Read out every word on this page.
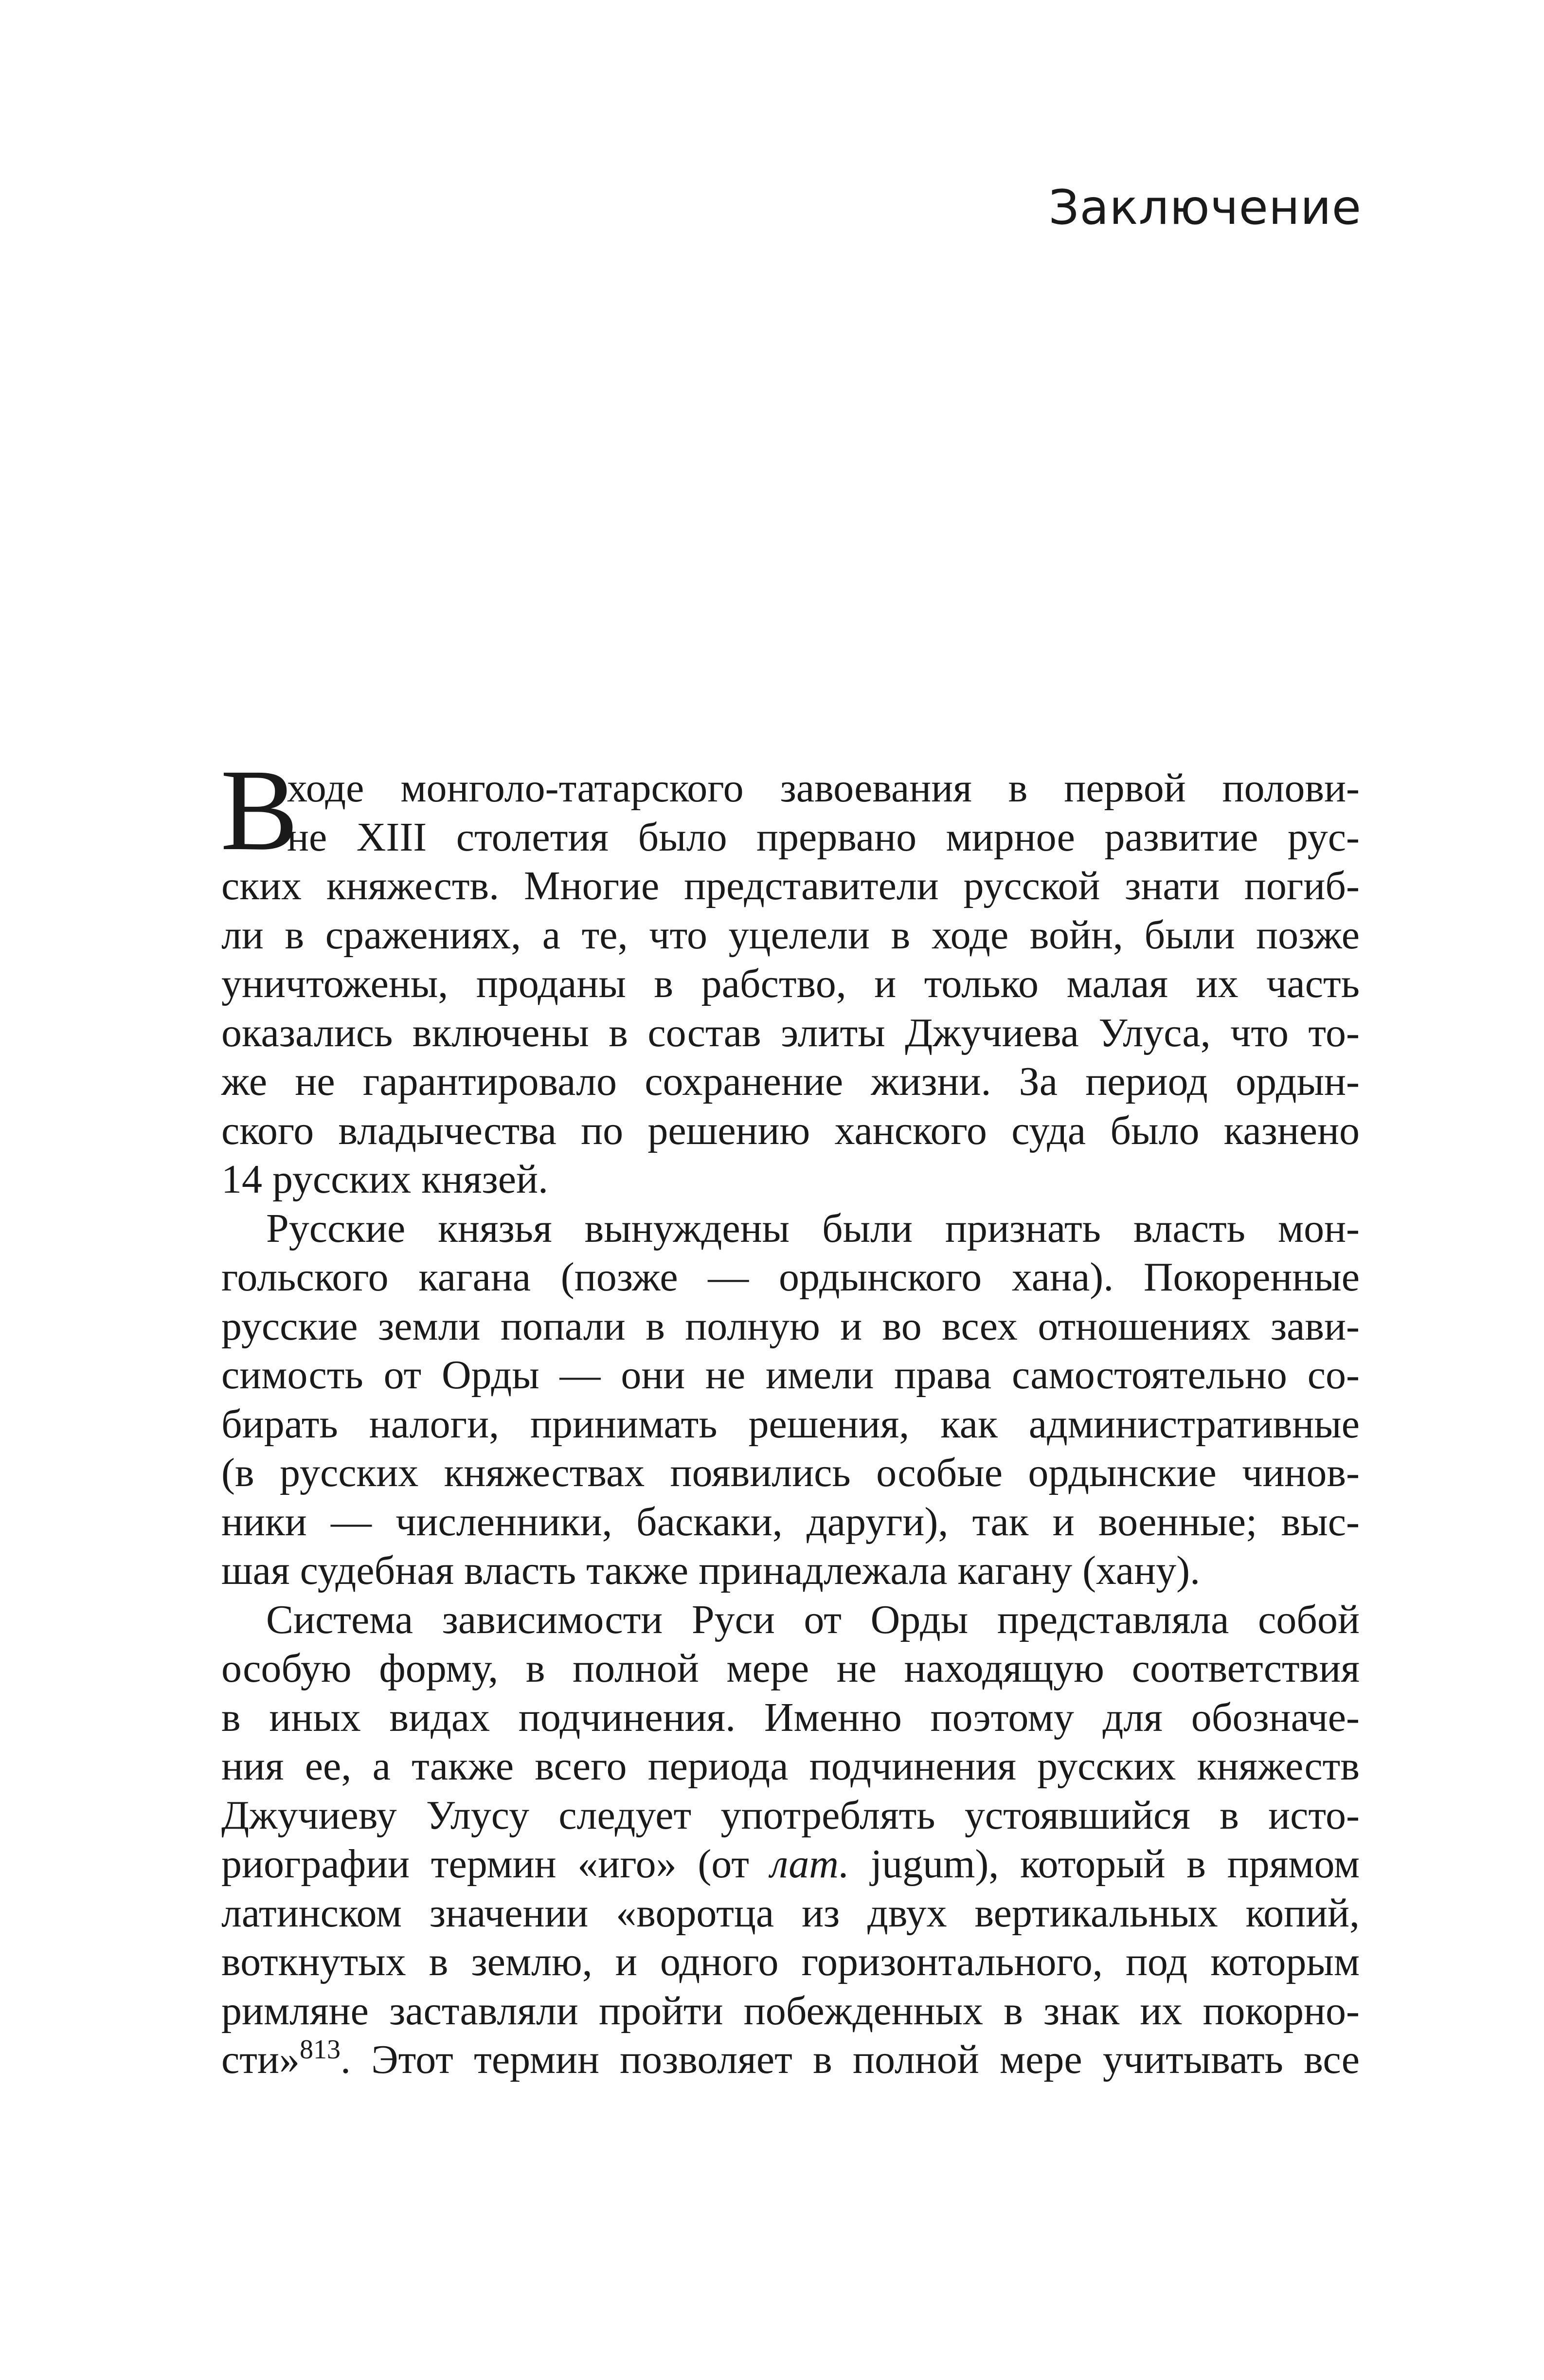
Заключение
В
ходе монголо-татарского завоевания в первой полови-
не XIII столетия было прервано мирное развитие рус-
ских княжеств. Многие представители русской знати погиб-
ли в сражениях, а те, что уцелели в ходе войн, были позже
уничтожены, проданы в рабство, и только малая их часть
оказались включены в состав элиты Джучиева Улуса, что то-
же не гарантировало сохранение жизни. За период ордын-
ского владычества по решению ханского суда было казнено
14 русских князей.
Русские князья вынуждены были признать власть мон-
гольского кагана (позже — ордынского хана). Покоренные
русские земли попали в полную и во всех отношениях зави-
симость от Орды — они не имели права самостоятельно со-
бирать налоги, принимать решения, как административные
(в русских княжествах появились особые ордынские чинов-
ники — численники, баскаки, даруги), так и военные; выс-
шая судебная власть также принадлежала кагану (хану).
Система зависимости Руси от Орды представляла собой
особую форму, в полной мере не находящую соответствия
в иных видах подчинения. Именно поэтому для обозначе-
ния ее, а также всего периода подчинения русских княжеств
Джучиеву Улусу следует употреблять устоявшийся в исто-
риографии термин «иго» (от лат. jugum), который в прямом
латинском значении «воротца из двух вертикальных копий,
воткнутых в землю, и одного горизонтального, под которым
римляне заставляли пройти побежденных в знак их покорно-
сти»$^{813}$. Этот термин позволяет в полной мере учитывать все
